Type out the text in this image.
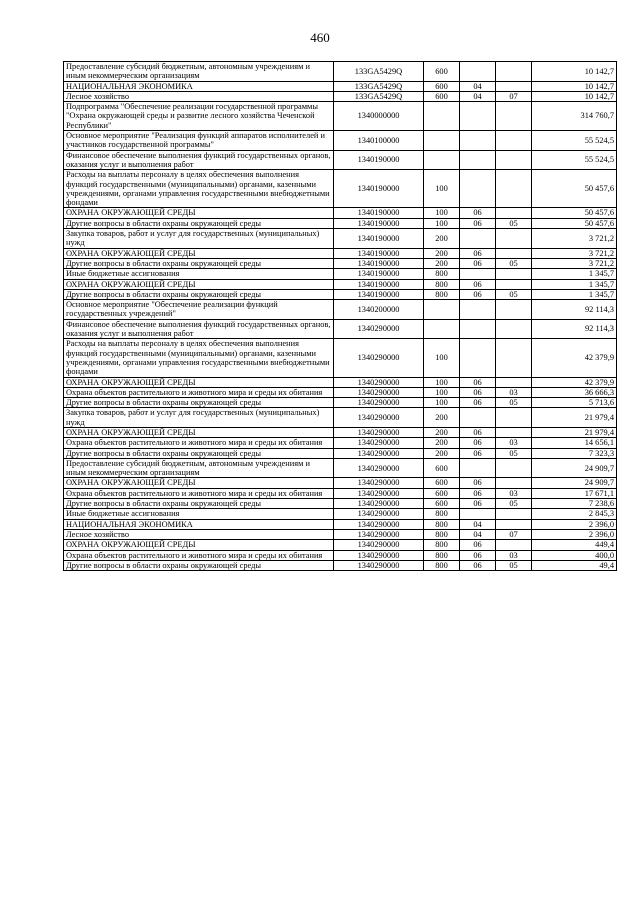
460
Предоставление субсидий бюджетным, автономным учреждениям и иным некоммерческим организациям	133GA5429Q	600			10 142,7
НАЦИОНАЛЬНАЯ ЭКОНОМИКА	133GA5429Q	600	04		10 142,7
Лесное хозяйство	133GA5429Q	600	04	07	10 142,7
Подпрограмма "Обеспечение реализации государственной программы "Охрана окружающей среды и развитие лесного хозяйства Чеченской Республики"	1340000000				314 760,7
Основное мероприятие "Реализация функций аппаратов исполнителей и участников государственной программы"	1340100000				55 524,5
Финансовое обеспечение выполнения функций государственных органов, оказания услуг и выполнения работ	1340190000				55 524,5
Расходы на выплаты персоналу в целях обеспечения выполнения функций государственными (муниципальными) органами, казенными учреждениями, органами управления государственными внебюджетными фондами	1340190000	100			50 457,6
ОХРАНА ОКРУЖАЮЩЕЙ СРЕДЫ	1340190000	100	06		50 457,6
Другие вопросы в области охраны окружающей среды	1340190000	100	06	05	50 457,6
Закупка товаров, работ и услуг для государственных (муниципальных) нужд	1340190000	200			3 721,2
ОХРАНА ОКРУЖАЮЩЕЙ СРЕДЫ	1340190000	200	06		3 721,2
Другие вопросы в области охраны окружающей среды	1340190000	200	06	05	3 721,2
Иные бюджетные ассигнования	1340190000	800			1 345,7
ОХРАНА ОКРУЖАЮЩЕЙ СРЕДЫ	1340190000	800	06		1 345,7
Другие вопросы в области охраны окружающей среды	1340190000	800	06	05	1 345,7
Основное мероприятие "Обеспечение реализации функций государственных учреждений"	1340200000				92 114,3
Финансовое обеспечение выполнения функций государственных органов, оказания услуг и выполнения работ	1340290000				92 114,3
Расходы на выплаты персоналу в целях обеспечения выполнения функций государственными (муниципальными) органами, казенными учреждениями, органами управления государственными внебюджетными фондами	1340290000	100			42 379,9
ОХРАНА ОКРУЖАЮЩЕЙ СРЕДЫ	1340290000	100	06		42 379,9
Охрана объектов растительного и животного мира и среды их обитания	1340290000	100	06	03	36 666,3
Другие вопросы в области охраны окружающей среды	1340290000	100	06	05	5 713,6
Закупка товаров, работ и услуг для государственных (муниципальных) нужд	1340290000	200			21 979,4
ОХРАНА ОКРУЖАЮЩЕЙ СРЕДЫ	1340290000	200	06		21 979,4
Охрана объектов растительного и животного мира и среды их обитания	1340290000	200	06	03	14 656,1
Другие вопросы в области охраны окружающей среды	1340290000	200	06	05	7 323,3
Предоставление субсидий бюджетным, автономным учреждениям и иным некоммерческим организациям	1340290000	600			24 909,7
ОХРАНА ОКРУЖАЮЩЕЙ СРЕДЫ	1340290000	600	06		24 909,7
Охрана объектов растительного и животного мира и среды их обитания	1340290000	600	06	03	17 671,1
Другие вопросы в области охраны окружающей среды	1340290000	600	06	05	7 238,6
Иные бюджетные ассигнования	1340290000	800			2 845,3
НАЦИОНАЛЬНАЯ ЭКОНОМИКА	1340290000	800	04		2 396,0
Лесное хозяйство	1340290000	800	04	07	2 396,0
ОХРАНА ОКРУЖАЮЩЕЙ СРЕДЫ	1340290000	800	06		449,4
Охрана объектов растительного и животного мира и среды их обитания	1340290000	800	06	03	400,0
Другие вопросы в области охраны окружающей среды	1340290000	800	06	05	49,4
